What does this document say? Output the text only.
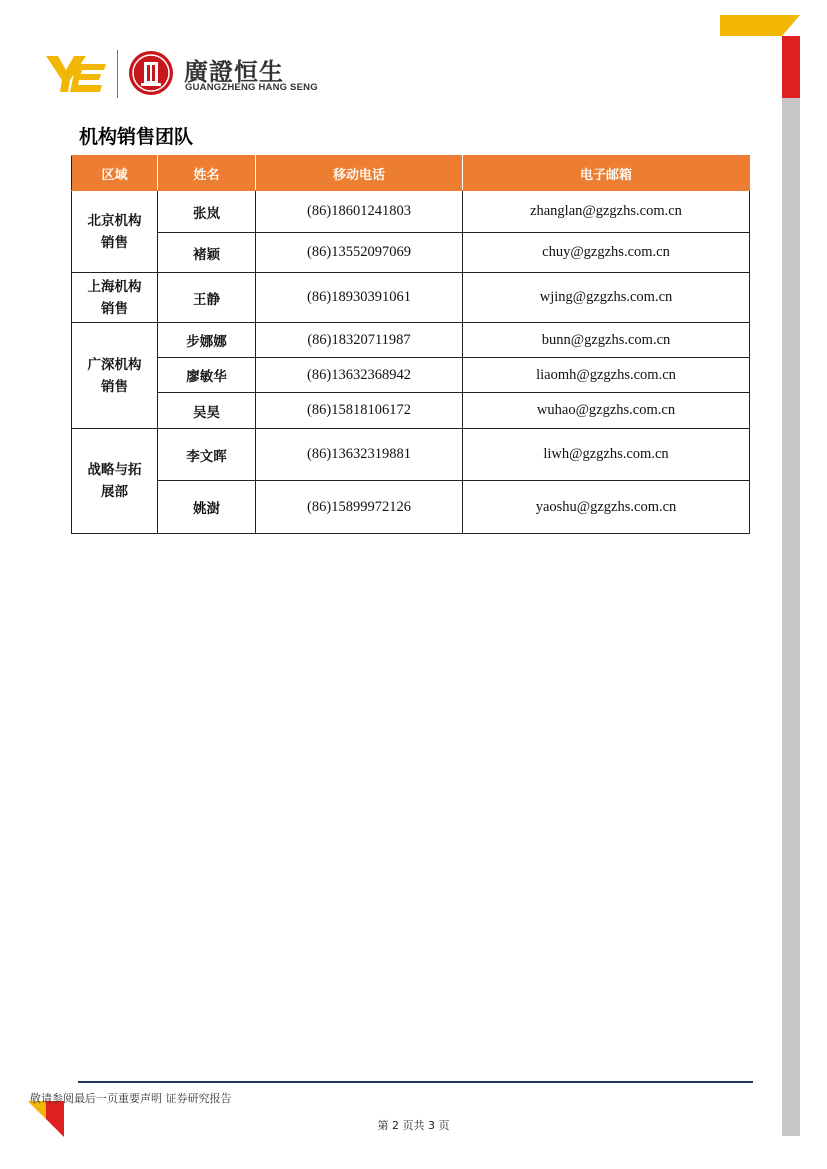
廣證恒生
GUANGZHENG HANG SENG
机构销售团队
区域	姓名	移动电话	电子邮箱
北京机构
销售	张岚	(86)18601241803	zhanglan@gzgzhs.com.cn
	褚颖	(86)13552097069	chuy@gzgzhs.com.cn
上海机构
销售	王静	(86)18930391061	wjing@gzgzhs.com.cn
广深机构
销售	步娜娜	(86)18320711987	bunn@gzgzhs.com.cn
	廖敏华	(86)13632368942	liaomh@gzgzhs.com.cn
	吴昊	(86)15818106172	wuhao@gzgzhs.com.cn
战略与拓
展部	李文晖	(86)13632319881	liwh@gzgzhs.com.cn
	姚澍	(86)15899972126	yaoshu@gzgzhs.com.cn
敬请参阅最后一页重要声明 证券研究报告
第 2 页共 3 页
